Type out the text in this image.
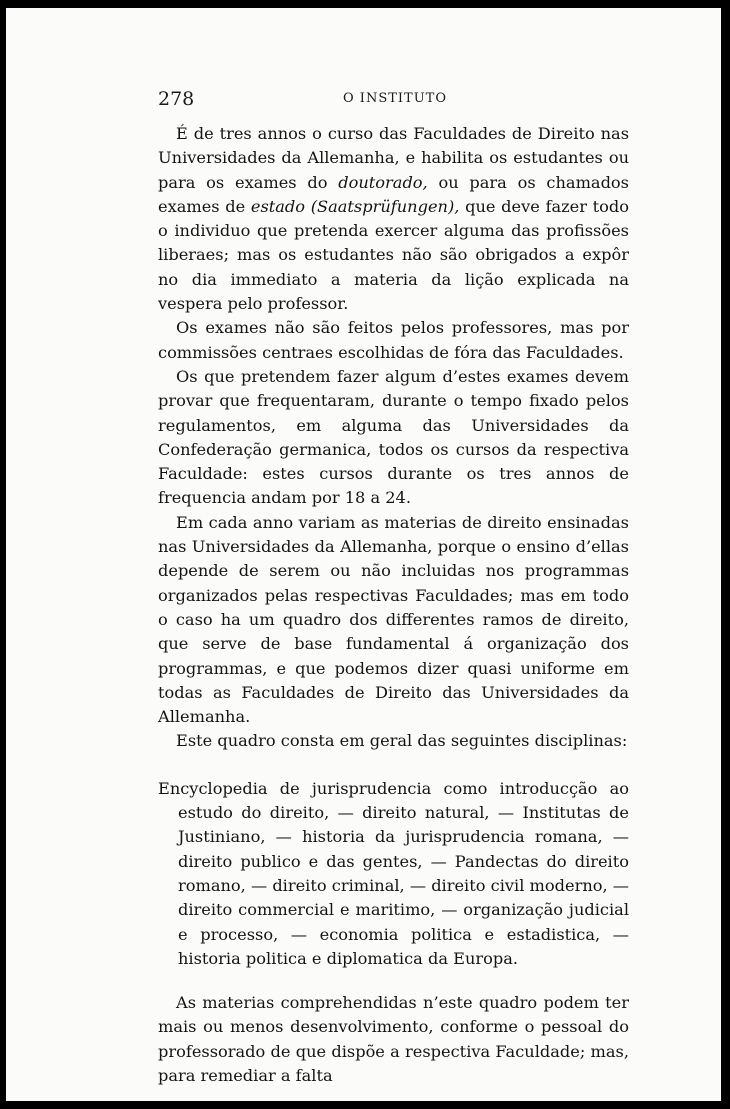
278	O INSTITUTO

É de tres annos o curso das Faculdades de Direito nas Universidades da Allemanha, e habilita os estudantes ou para os exames do doutorado, ou para os chamados exames de estado (Saatsprüfungen), que deve fazer todo o individuo que pretenda exercer alguma das profissões liberaes; mas os estudantes não são obrigados a expôr no dia immediato a materia da lição explicada na vespera pelo professor.

Os exames não são feitos pelos professores, mas por commissões centraes escolhidas de fóra das Faculdades.

Os que pretendem fazer algum d’estes exames devem provar que frequentaram, durante o tempo fixado pelos regulamentos, em alguma das Universidades da Confederação germanica, todos os cursos da respectiva Faculdade: estes cursos durante os tres annos de frequencia andam por 18 a 24.

Em cada anno variam as materias de direito ensinadas nas Universidades da Allemanha, porque o ensino d’ellas depende de serem ou não incluidas nos programmas organizados pelas respectivas Faculdades; mas em todo o caso ha um quadro dos differentes ramos de direito, que serve de base fundamental á organização dos programmas, e que podemos dizer quasi uniforme em todas as Faculdades de Direito das Universidades da Allemanha.

Este quadro consta em geral das seguintes disciplinas:

Encyclopedia de jurisprudencia como introducção ao estudo do direito, — direito natural, — Institutas de Justiniano, — historia da jurisprudencia romana, — direito publico e das gentes, — Pandectas do direito romano, — direito criminal, — direito civil moderno, — direito commercial e maritimo, — organização judicial e processo, — economia politica e estadistica, — historia politica e diplomatica da Europa.

As materias comprehendidas n’este quadro podem ter mais ou menos desenvolvimento, conforme o pessoal do professorado de que dispõe a respectiva Faculdade; mas, para remediar a falta
